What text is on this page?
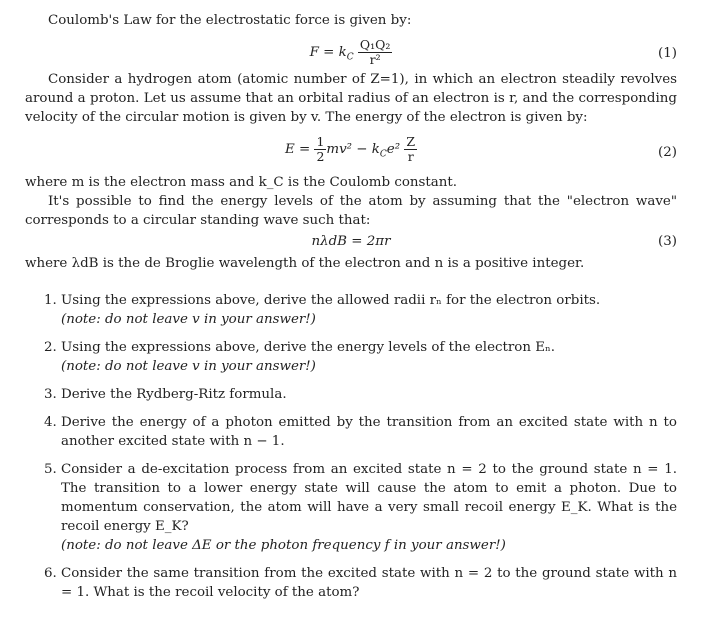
Coulomb's Law for the electrostatic force is given by:

$F = k_C \frac{\text{Q₁Q₂}}{\text{r²}}$	(1)

Consider a hydrogen atom (atomic number of Z=1), in which an electron steadily revolves around a proton. Let us assume that an orbital radius of an electron is r, and the corresponding velocity of the circular motion is given by v. The energy of the electron is given by:

$E = \frac{1}{2} mv^2 - k_Ce^2 \frac{Z}{r}$	(2)

where m is the electron mass and k_C is the Coulomb constant.

It's possible to find the energy levels of the atom by assuming that the "electron wave" corresponds to a circular standing wave such that:

nλdB = 2πr	(3)

where λdB is the de Broglie wavelength of the electron and n is a positive integer.

1. Using the expressions above, derive the allowed radii rₙ for the electron orbits.
(note: do not leave v in your answer!)
2. Using the expressions above, derive the energy levels of the electron Eₙ.
(note: do not leave v in your answer!)
3. Derive the Rydberg-Ritz formula.
4. Derive the energy of a photon emitted by the transition from an excited state with n to another excited state with n − 1.
5. Consider a de-excitation process from an excited state n = 2 to the ground state n = 1. The transition to a lower energy state will cause the atom to emit a photon. Due to momentum conservation, the atom will have a very small recoil energy E_K. What is the recoil energy E_K?
(note: do not leave ΔE or the photon frequency f in your answer!)
6. Consider the same transition from the excited state with n = 2 to the ground state with n = 1. What is the recoil velocity of the atom?
